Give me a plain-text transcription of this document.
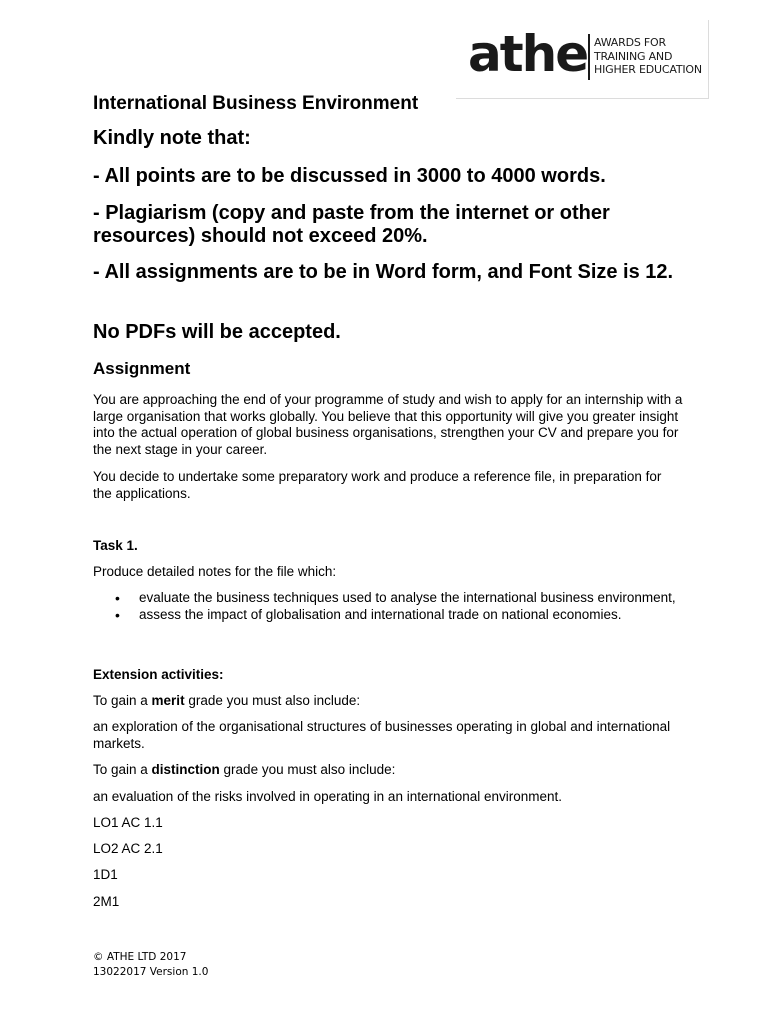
athe AWARDS FOR
TRAINING AND
HIGHER EDUCATION
International Business Environment
Kindly note that:
- All points are to be discussed in 3000 to 4000 words.
- Plagiarism (copy and paste from the internet or other resources) should not exceed 20%.
- All assignments are to be in Word form, and Font Size is 12.
No PDFs will be accepted.
Assignment
You are approaching the end of your programme of study and wish to apply for an internship with a large organisation that works globally. You believe that this opportunity will give you greater insight into the actual operation of global business organisations, strengthen your CV and prepare you for the next stage in your career.
You decide to undertake some preparatory work and produce a reference file, in preparation for the applications.
Task 1.
Produce detailed notes for the file which:
• evaluate the business techniques used to analyse the international business environment,
• assess the impact of globalisation and international trade on national economies.
Extension activities:
To gain a merit grade you must also include:
an exploration of the organisational structures of businesses operating in global and international markets.
To gain a distinction grade you must also include:
an evaluation of the risks involved in operating in an international environment.
LO1 AC 1.1
LO2 AC 2.1
1D1
2M1
© ATHE LTD 2017
13022017 Version 1.0
